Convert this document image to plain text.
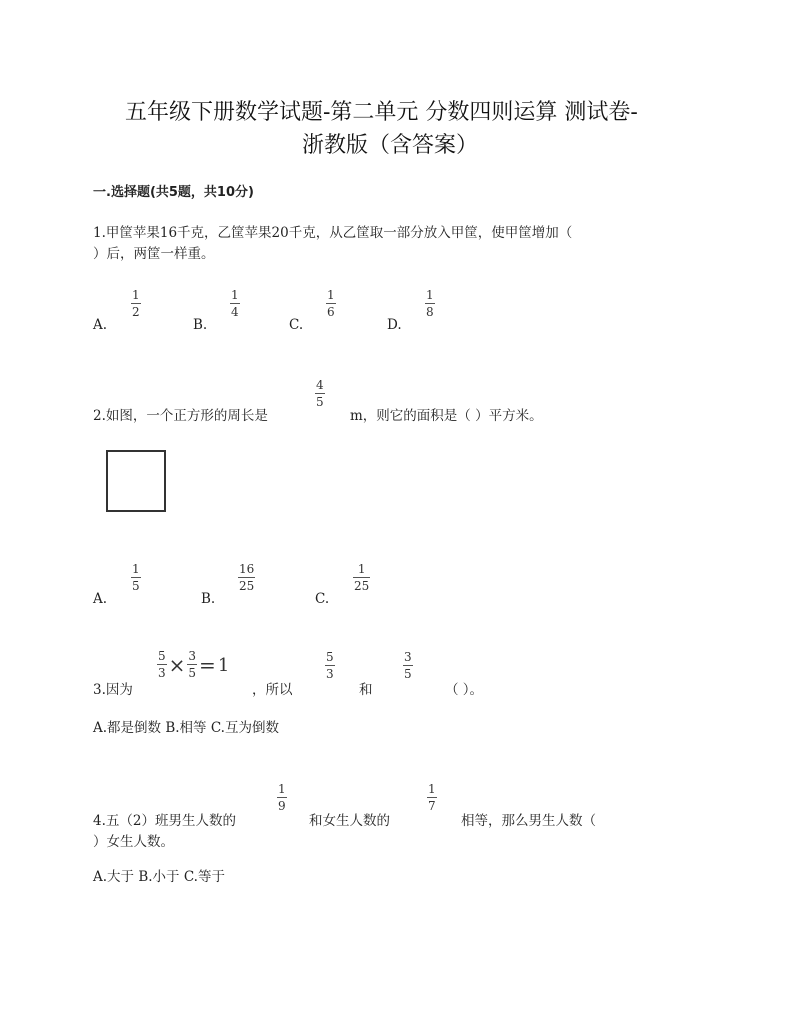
五年级下册数学试题-第二单元 分数四则运算 测试卷-
浙教版（含答案）
一.选择题(共5题，共10分)
1.甲筐苹果16千克，乙筐苹果20千克，从乙筐取一部分放入甲筐，使甲筐增加（
）后，两筐一样重。
A.
1
2
B.
1
4
C.
1
6
D.
1
8
2.如图，一个正方形的周长是
4
5
m，则它的面积是（ ）平方米。
A.
1
5
B.
16
25
C.
1
25
3.因为
$\frac{5}{3} \times \frac{3}{5} = 1$
，所以
5
3
和
3
5
（ ）。
A.都是倒数 B.相等 C.互为倒数
4.五（2）班男生人数的
1
9
和女生人数的
1
7
相等，那么男生人数（
）女生人数。
A.大于 B.小于 C.等于
